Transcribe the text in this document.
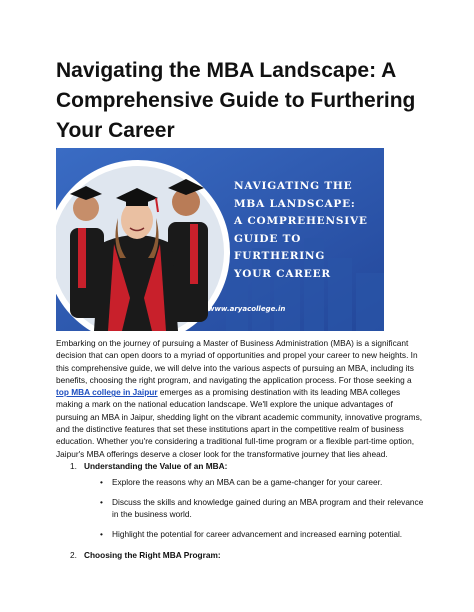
Navigating the MBA Landscape: A Comprehensive Guide to Furthering Your Career

NAVIGATING THE
MBA LANDSCAPE:
A COMPREHENSIVE
GUIDE TO
FURTHERING
YOUR CAREER

www.aryacollege.in

Embarking on the journey of pursuing a Master of Business Administration (MBA) is a significant decision that can open doors to a myriad of opportunities and propel your career to new heights. In this comprehensive guide, we will delve into the various aspects of pursuing an MBA, including its benefits, choosing the right program, and navigating the application process. For those seeking a top MBA college in Jaipur emerges as a promising destination with its leading MBA colleges making a mark on the national education landscape. We'll explore the unique advantages of pursuing an MBA in Jaipur, shedding light on the vibrant academic community, innovative programs, and the distinctive features that set these institutions apart in the competitive realm of business education. Whether you're considering a traditional full-time program or a flexible part-time option, Jaipur's MBA offerings deserve a closer look for the transformative journey that lies ahead.

1. Understanding the Value of an MBA:
•	Explore the reasons why an MBA can be a game-changer for your career.
•	Discuss the skills and knowledge gained during an MBA program and their relevance in the business world.
•	Highlight the potential for career advancement and increased earning potential.
2. Choosing the Right MBA Program:
